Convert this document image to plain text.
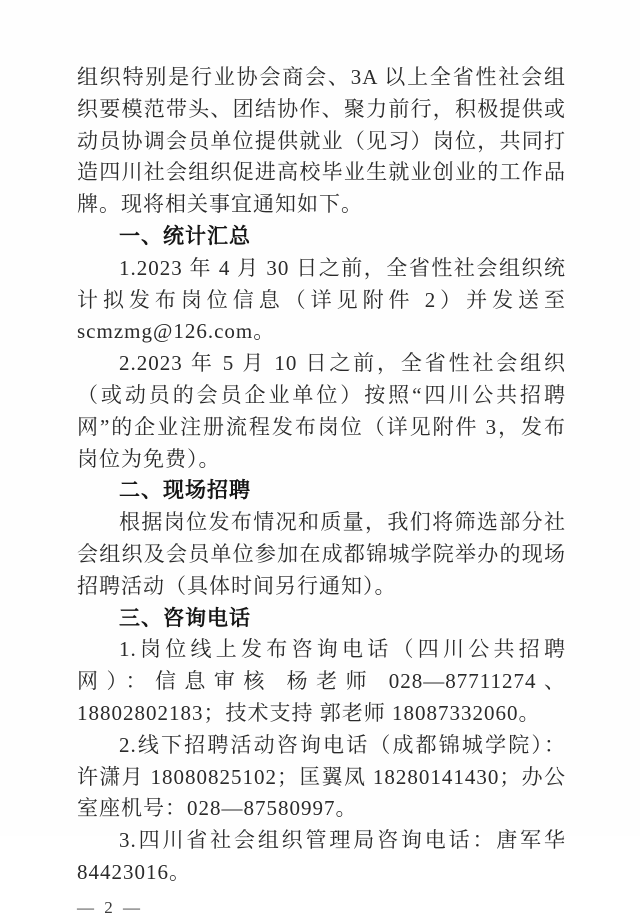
组织特别是行业协会商会、3A 以上全省性社会组织要模范带头、团结协作、聚力前行，积极提供或动员协调会员单位提供就业（见习）岗位，共同打造四川社会组织促进高校毕业生就业创业的工作品牌。现将相关事宜通知如下。

一、统计汇总

1.2023 年 4 月 30 日之前，全省性社会组织统计拟发布岗位信息（详见附件 2）并发送至 scmzmg@126.com。

2.2023 年 5 月 10 日之前，全省性社会组织（或动员的会员企业单位）按照“四川公共招聘网”的企业注册流程发布岗位（详见附件 3，发布岗位为免费）。

二、现场招聘

根据岗位发布情况和质量，我们将筛选部分社会组织及会员单位参加在成都锦城学院举办的现场招聘活动（具体时间另行通知）。

三、咨询电话

1.岗位线上发布咨询电话（四川公共招聘网）：信息审核 杨老师 028—87711274、18802802183；技术支持 郭老师 18087332060。

2.线下招聘活动咨询电话（成都锦城学院）：许潇月 18080825102；匡翼凤 18280141430；办公室座机号：028—87580997。

3.四川省社会组织管理局咨询电话：唐军华 84423016。

— 2 —
